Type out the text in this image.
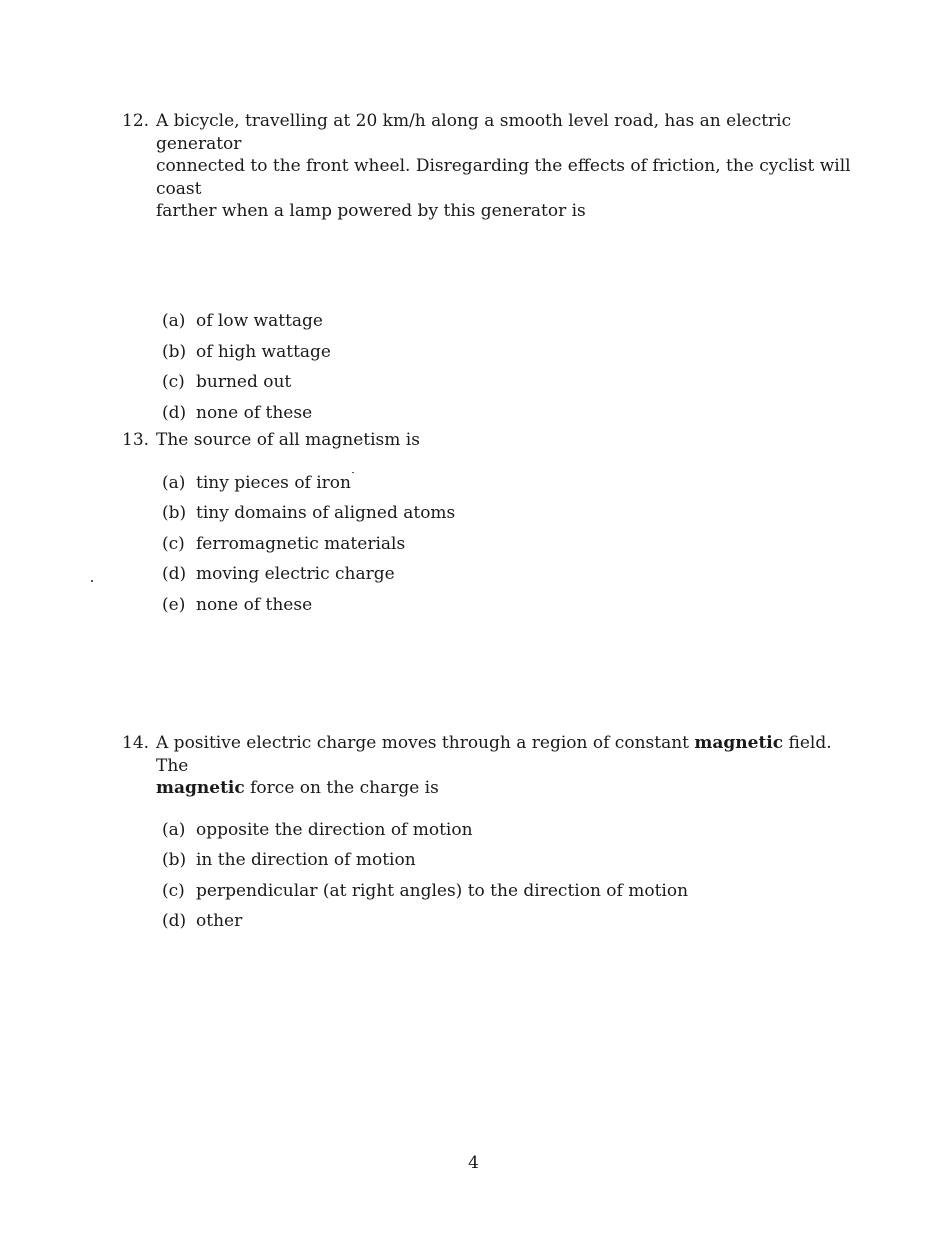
12. A bicycle, travelling at 20 km/h along a smooth level road, has an electric generator
connected to the front wheel. Disregarding the effects of friction, the cyclist will coast
farther when a lamp powered by this generator is
(a) of low wattage
(b) of high wattage
(c) burned out
(d) none of these
13. The source of all magnetism is
(a) tiny pieces of iron
(b) tiny domains of aligned atoms
(c) ferromagnetic materials
(d) moving electric charge
(e) none of these
14. A positive electric charge moves through a region of constant magnetic field. The
magnetic force on the charge is
(a) opposite the direction of motion
(b) in the direction of motion
(c) perpendicular (at right angles) to the direction of motion
(d) other
4
